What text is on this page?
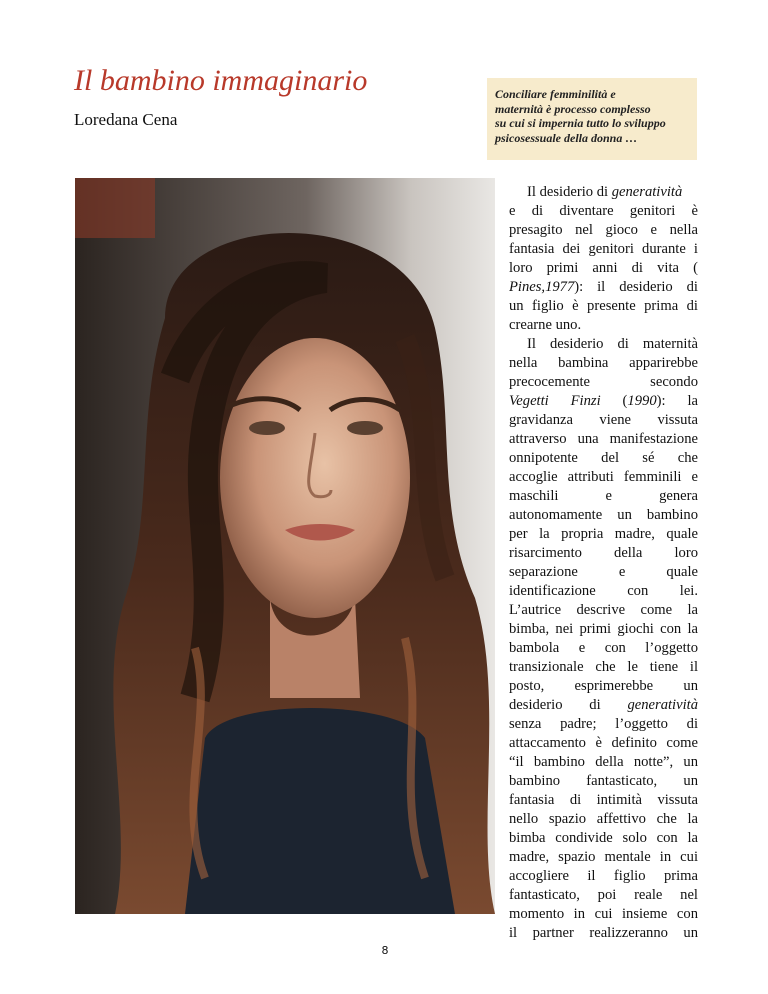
Il bambino immaginario

Loredana Cena

Conciliare femminilità e
maternità è processo complesso
su cui si impernia tutto lo sviluppo
psicosessuale della donna …
Il desiderio di generatività
e di diventare genitori è
presagito nel gioco e nella
fantasia dei genitori durante i
loro primi anni di vita (
Pines,1977): il desiderio di
un figlio è presente prima di
crearne uno.
Il desiderio di maternità
nella bambina apparirebbe
precocemente secondo
Vegetti Finzi (1990): la
gravidanza viene vissuta
attraverso una manifestazione
onnipotente del sé che
accoglie attributi femminili e
maschili e genera
autonomamente un bambino
per la propria madre, quale
risarcimento della loro
separazione e quale
identificazione con lei.
L’autrice descrive come la
bimba, nei primi giochi con la
bambola e con l’oggetto
transizionale che le tiene il
posto, esprimerebbe un
desiderio di generatività
senza padre; l’oggetto di
attaccamento è definito come
“il bambino della notte”, un
bambino fantasticato, un
fantasia di intimità vissuta
nello spazio affettivo che la
bimba condivide solo con la
madre, spazio mentale in cui
accogliere il figlio prima
fantasticato, poi reale nel
momento in cui insieme con
il partner realizzeranno un
8
